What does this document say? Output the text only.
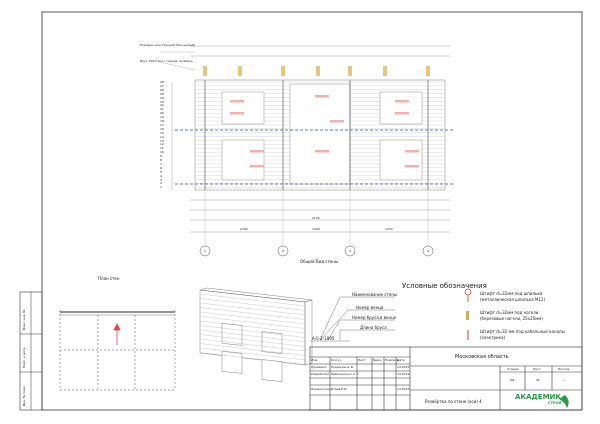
Размеры конструкций (без щелей)
Брус 150/3 мм с торцов, штабель
28
27
26
25
24
23
22
21
20
19
18
17
16
15
14
13
12
11
10
9
8
7
6
5
4
3
2
1
2700	1400	1250
2100
1	2	3	4
Общий Вид стены
План стен
Условные обозначения
Штифт d=32мм под шпилька
(металлическая шпилька М12)
Штифт d=32мм под нагели
(березовые нагели, 25х25мм)
Штифт d=32 мм под кабельные каналы
(электрика)
Наименование стены
Номер венца
Номер бруса в венце
Длина бруса
А-5-2-1895
Московская область
Стадия	Лист	Листов
КД	21	—
Развёртка по стене (оси) 4
Изм.	Кол.уч	Лист №док Подпись
Дата
Проверил Родионов А. Б.	14.2015
Разработал Рыбальченко А. Г.	14.2015
Нормоконтр. Исаев Е.И.	14.2015
АКАДЕМИК
СТРОЙ
Взам. инв. №
Подп. и дата
Инв. № подл.
